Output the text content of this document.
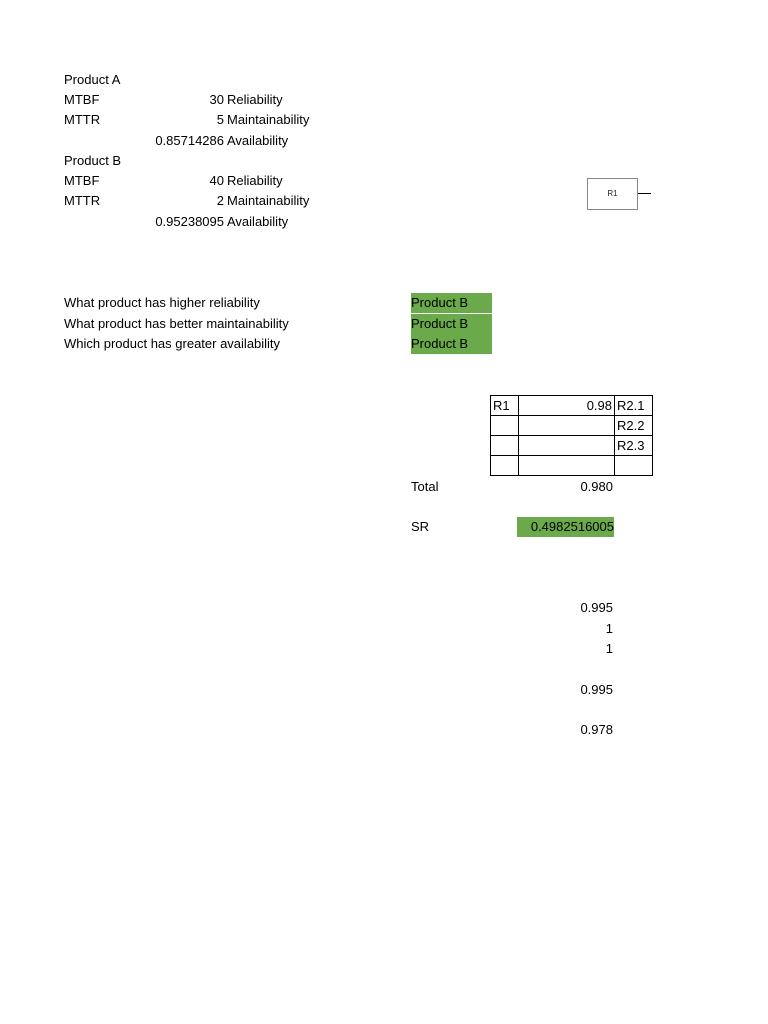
Product A
MTBF	30 Reliability
MTTR	5 Maintainability
0.85714286 Availability
Product B
MTBF	40 Reliability
MTTR	2 Maintainability
0.95238095 Availability
R1
What product has higher reliability	Product B
What product has better maintainability	Product B
Which product has greater availability	Product B
R1	0.98	R2.1
		R2.2
		R2.3

Total	0.980
SR	0.4982516005
0.995
1
1
0.995
0.978
